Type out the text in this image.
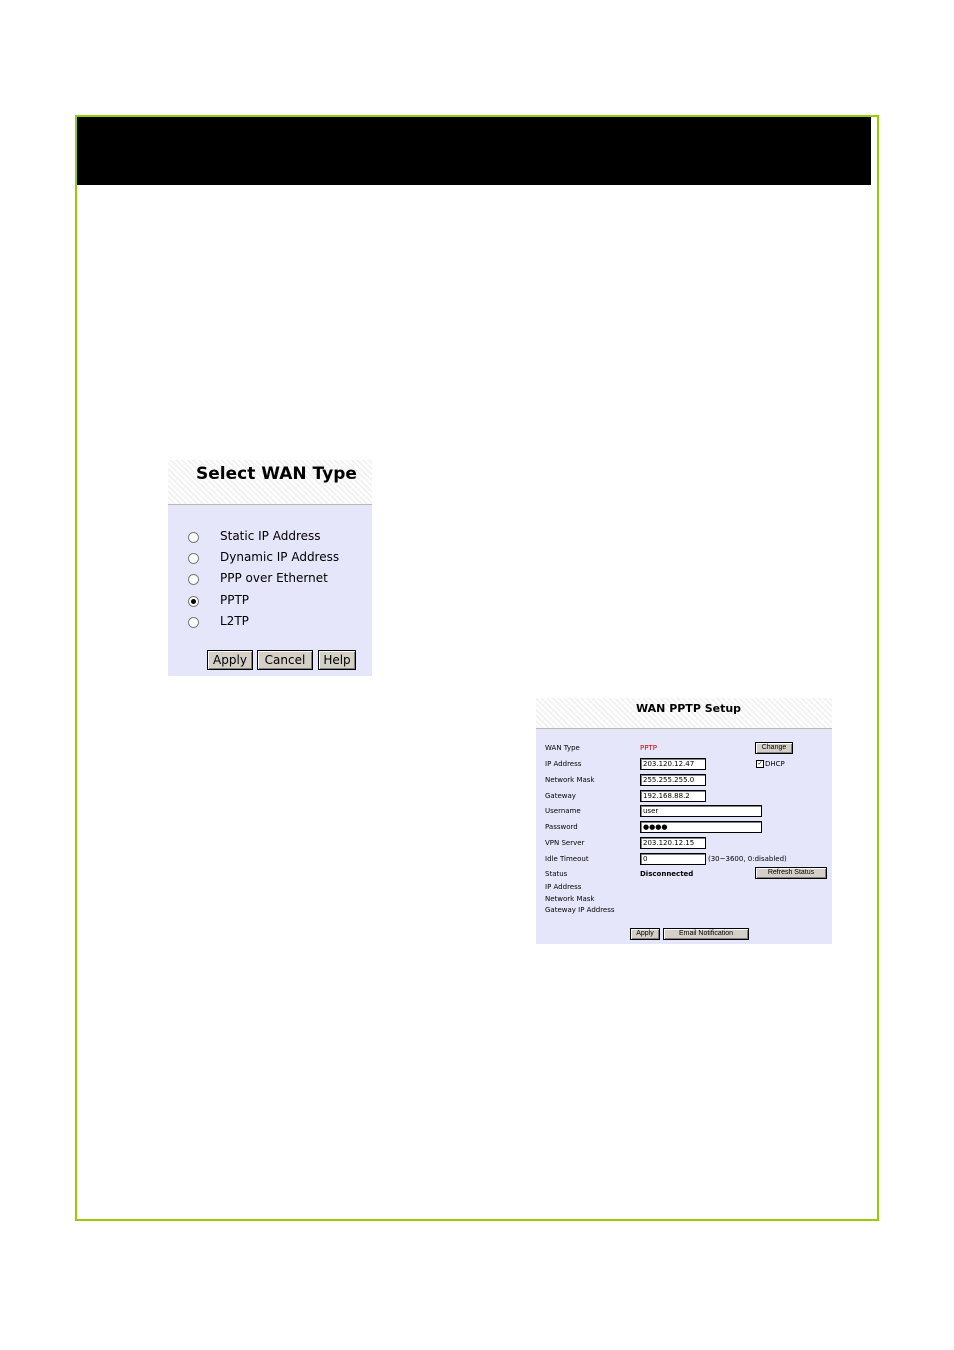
Select WAN Type
Static IP Address
Dynamic IP Address
PPP over Ethernet
PPTP
L2TP
Apply	Cancel	Help
WAN PPTP Setup
WAN Type	PPTP	Change
IP Address	203.120.12.47	✓ DHCP
Network Mask	255.255.255.0
Gateway	192.168.88.2
Username	user
Password	●●●●
VPN Server	203.120.12.15
Idle Timeout	0	(30~3600, 0:disabled)
Status	Disconnected	Refresh Status
IP Address
Network Mask
Gateway IP Address
Apply	Email Notification
